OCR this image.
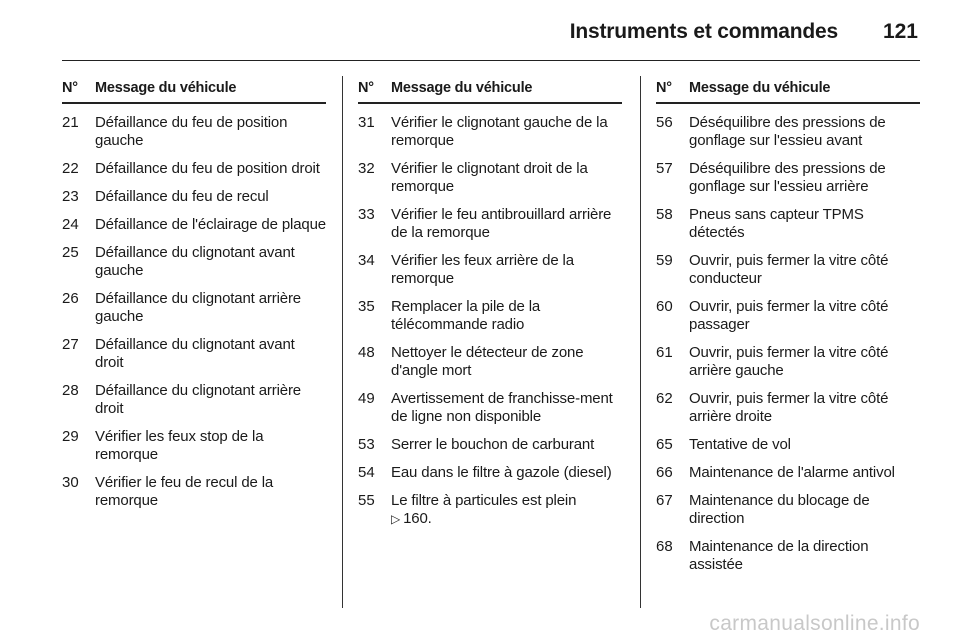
Instruments et commandes 121
N°	Message du véhicule
21	Défaillance du feu de position gauche
22	Défaillance du feu de position droit
23	Défaillance du feu de recul
24	Défaillance de l'éclairage de plaque
25	Défaillance du clignotant avant gauche
26	Défaillance du clignotant arrière gauche
27	Défaillance du clignotant avant droit
28	Défaillance du clignotant arrière droit
29	Vérifier les feux stop de la remorque
30	Vérifier le feu de recul de la remorque
N°	Message du véhicule
31	Vérifier le clignotant gauche de la remorque
32	Vérifier le clignotant droit de la remorque
33	Vérifier le feu antibrouillard arrière de la remorque
34	Vérifier les feux arrière de la remorque
35	Remplacer la pile de la télécommande radio
48	Nettoyer le détecteur de zone d'angle mort
49	Avertissement de franchisse-ment de ligne non disponible
53	Serrer le bouchon de carburant
54	Eau dans le filtre à gazole (diesel)
55	Le filtre à particules est plein
▷ 160.
N°	Message du véhicule
56	Déséquilibre des pressions de gonflage sur l'essieu avant
57	Déséquilibre des pressions de gonflage sur l'essieu arrière
58	Pneus sans capteur TPMS détectés
59	Ouvrir, puis fermer la vitre côté conducteur
60	Ouvrir, puis fermer la vitre côté passager
61	Ouvrir, puis fermer la vitre côté arrière gauche
62	Ouvrir, puis fermer la vitre côté arrière droite
65	Tentative de vol
66	Maintenance de l'alarme antivol
67	Maintenance du blocage de direction
68	Maintenance de la direction assistée
carmanualsonline.info
